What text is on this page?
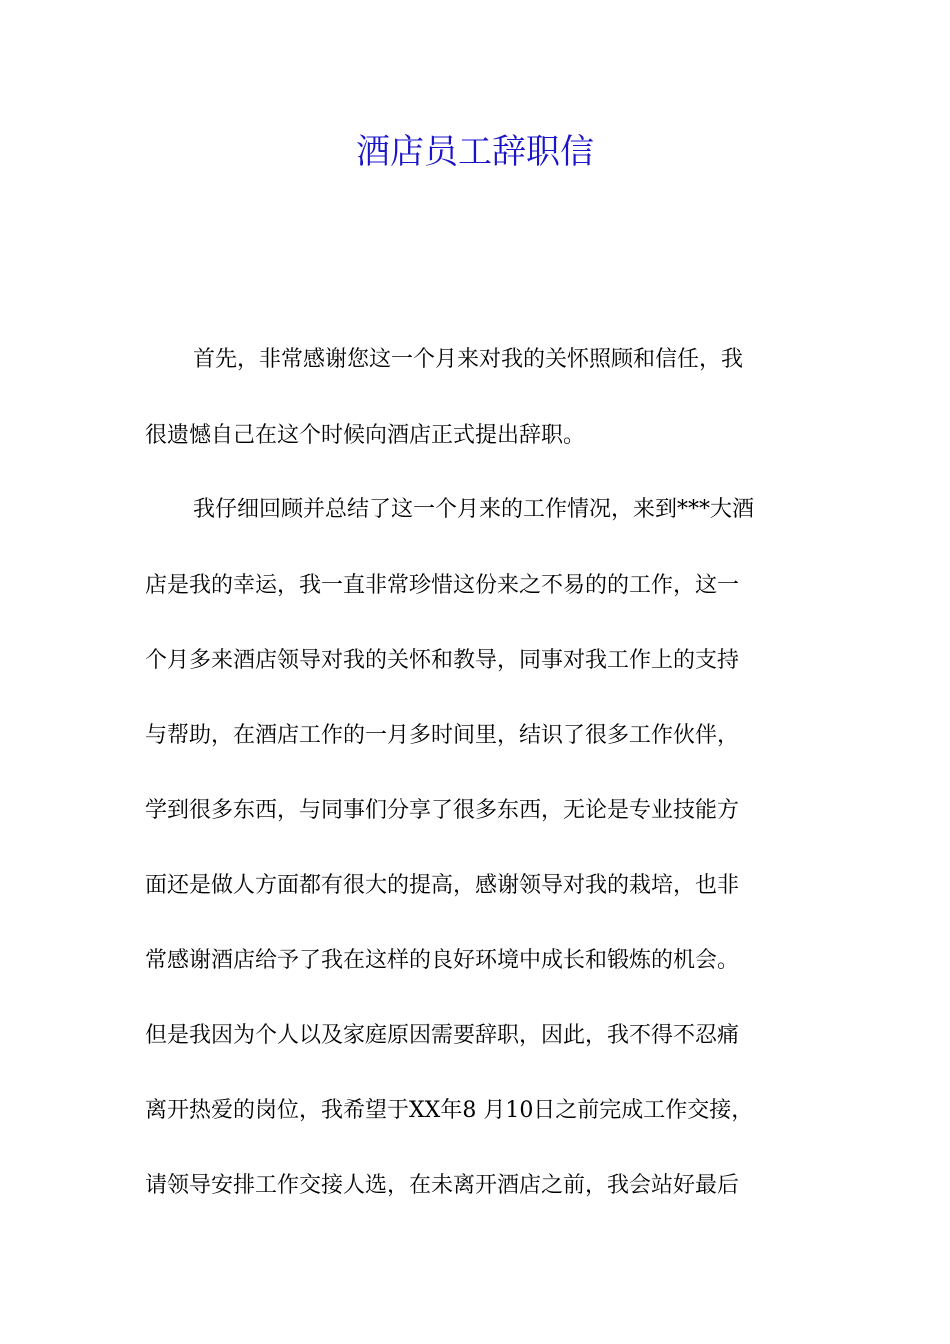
酒店员工辞职信

首先，非常感谢您这一个月来对我的关怀照顾和信任，我

很遗憾自己在这个时候向酒店正式提出辞职。

我仔细回顾并总结了这一个月来的工作情况，来到***大酒

店是我的幸运，我一直非常珍惜这份来之不易的的工作，这一

个月多来酒店领导对我的关怀和教导，同事对我工作上的支持

与帮助，在酒店工作的一月多时间里，结识了很多工作伙伴，

学到很多东西，与同事们分享了很多东西，无论是专业技能方

面还是做人方面都有很大的提高，感谢领导对我的栽培，也非

常感谢酒店给予了我在这样的良好环境中成长和锻炼的机会。

但是我因为个人以及家庭原因需要辞职，因此，我不得不忍痛

离开热爱的岗位，我希望于XX年8 月10日之前完成工作交接，

请领导安排工作交接人选，在未离开酒店之前，我会站好最后
